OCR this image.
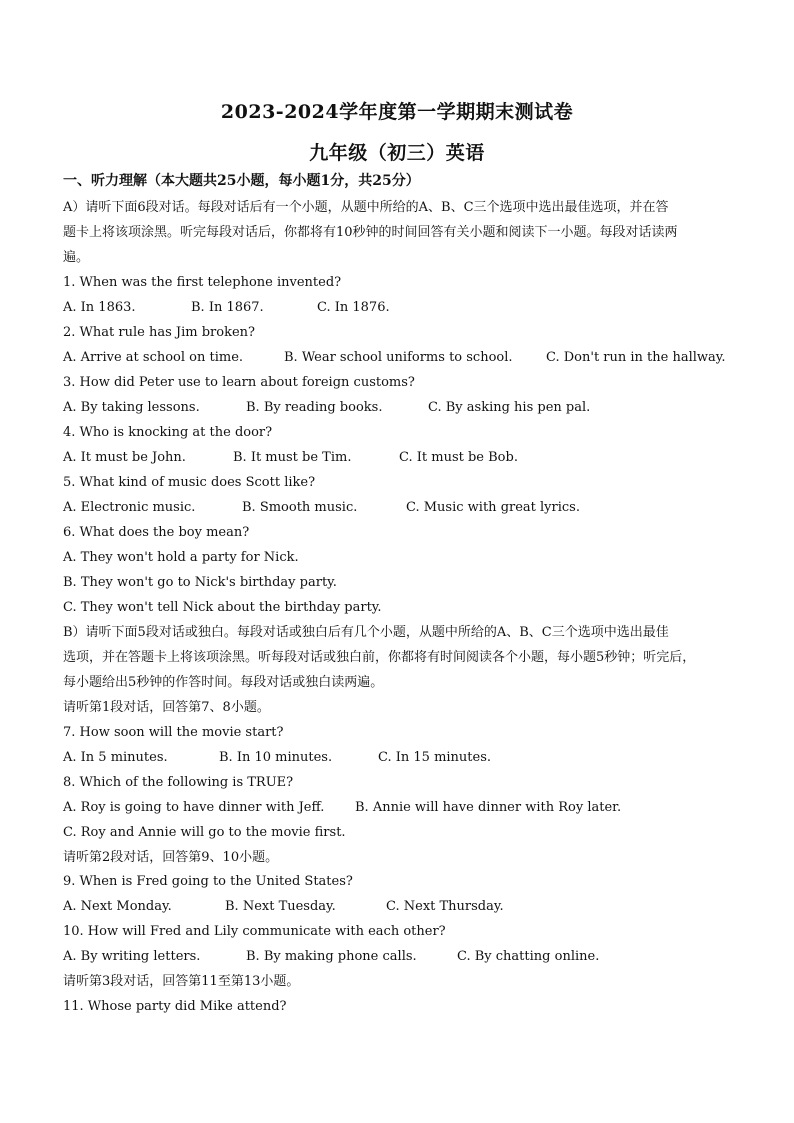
2023-2024学年度第一学期期末测试卷
九年级（初三）英语
一、听力理解（本大题共25小题，每小题1分，共25分）
A）请听下面6段对话。每段对话后有一个小题，从题中所给的A、B、C三个选项中选出最佳选项，并在答
题卡上将该项涂黑。听完每段对话后，你都将有10秒钟的时间回答有关小题和阅读下一小题。每段对话读两
遍。
1. When was the first telephone invented?
A. In 1863.	B. In 1867.	C. In 1876.
2. What rule has Jim broken?
A. Arrive at school on time.	B. Wear school uniforms to school.	C. Don't run in the hallway.
3. How did Peter use to learn about foreign customs?
A. By taking lessons.	B. By reading books.	C. By asking his pen pal.
4. Who is knocking at the door?
A. It must be John.	B. It must be Tim.	C. It must be Bob.
5. What kind of music does Scott like?
A. Electronic music.	B. Smooth music.	C. Music with great lyrics.
6. What does the boy mean?
A. They won't hold a party for Nick.
B. They won't go to Nick's birthday party.
C. They won't tell Nick about the birthday party.
B）请听下面5段对话或独白。每段对话或独白后有几个小题，从题中所给的A、B、C三个选项中选出最佳
选项，并在答题卡上将该项涂黑。听每段对话或独白前，你都将有时间阅读各个小题，每小题5秒钟；听完后，
每小题给出5秒钟的作答时间。每段对话或独白读两遍。
请听第1段对话，回答第7、8小题。
7. How soon will the movie start?
A. In 5 minutes.	B. In 10 minutes.	C. In 15 minutes.
8. Which of the following is TRUE?
A. Roy is going to have dinner with Jeff. B. Annie will have dinner with Roy later.
C. Roy and Annie will go to the movie first.
请听第2段对话，回答第9、10小题。
9. When is Fred going to the United States?
A. Next Monday.	B. Next Tuesday.	C. Next Thursday.
10. How will Fred and Lily communicate with each other?
A. By writing letters.	B. By making phone calls.	C. By chatting online.
请听第3段对话，回答第11至第13小题。
11. Whose party did Mike attend?
